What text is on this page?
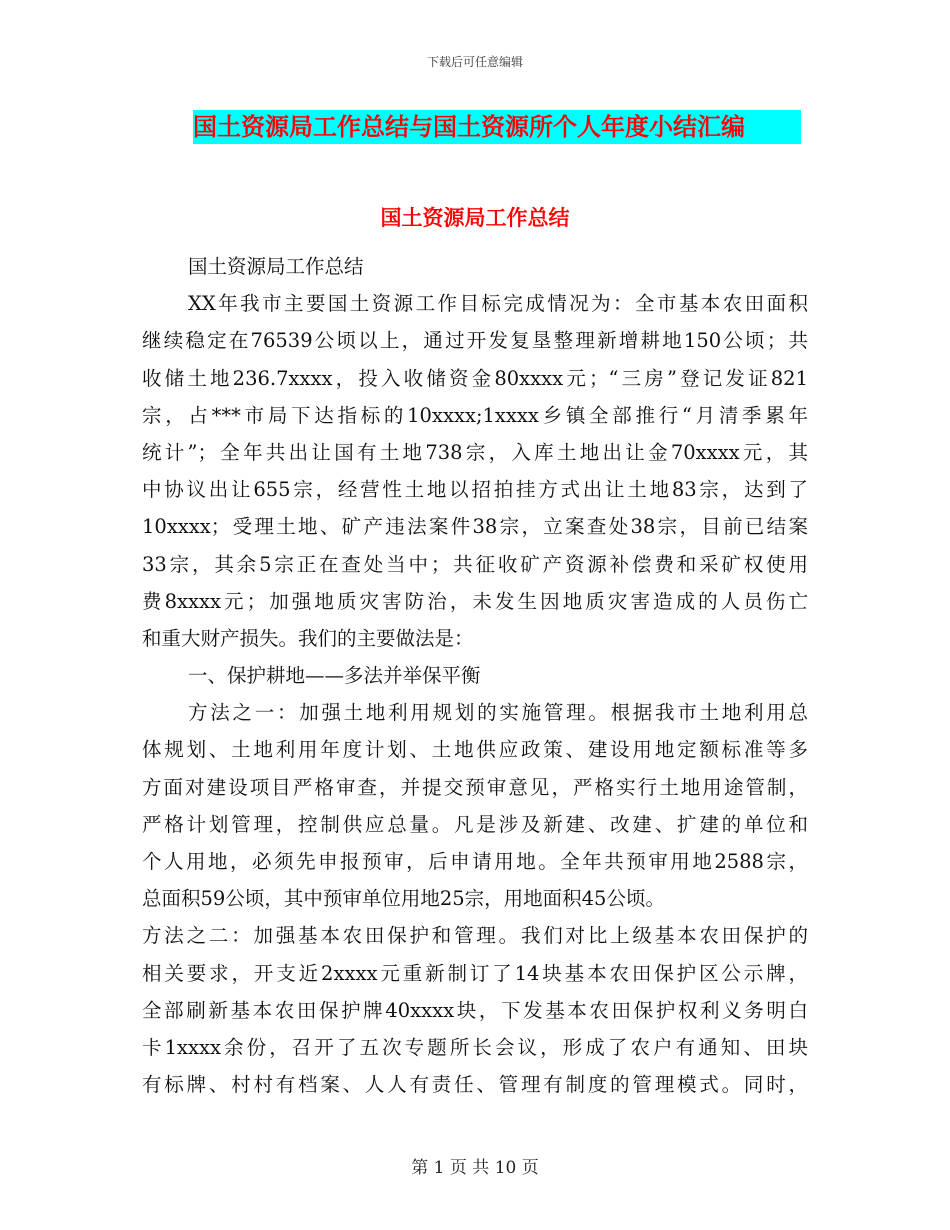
下载后可任意编辑
国土资源局工作总结与国土资源所个人年度小结汇编
国土资源局工作总结
国土资源局工作总结
XX年我市主要国土资源工作目标完成情况为：全市基本农田面积
继续稳定在76539公顷以上，通过开发复垦整理新增耕地150公顷；共
收储土地236.7xxxx，投入收储资金80xxxx元；“三房”登记发证821
宗，占***市局下达指标的10xxxx;1xxxx乡镇全部推行“月清季累年
统计”；全年共出让国有土地738宗，入库土地出让金70xxxx元，其
中协议出让655宗，经营性土地以招拍挂方式出让土地83宗，达到了
10xxxx；受理土地、矿产违法案件38宗，立案查处38宗，目前已结案
33宗，其余5宗正在查处当中；共征收矿产资源补偿费和采矿权使用
费8xxxx元；加强地质灾害防治，未发生因地质灾害造成的人员伤亡
和重大财产损失。我们的主要做法是：
一、保护耕地——多法并举保平衡
方法之一：加强土地利用规划的实施管理。根据我市土地利用总
体规划、土地利用年度计划、土地供应政策、建设用地定额标准等多
方面对建设项目严格审查，并提交预审意见，严格实行土地用途管制，
严格计划管理，控制供应总量。凡是涉及新建、改建、扩建的单位和
个人用地，必须先申报预审，后申请用地。全年共预审用地2588宗，
总面积59公顷，其中预审单位用地25宗，用地面积45公顷。
方法之二：加强基本农田保护和管理。我们对比上级基本农田保护的
相关要求，开支近2xxxx元重新制订了14块基本农田保护区公示牌，
全部刷新基本农田保护牌40xxxx块，下发基本农田保护权利义务明白
卡1xxxx余份，召开了五次专题所长会议，形成了农户有通知、田块
有标牌、村村有档案、人人有责任、管理有制度的管理模式。同时，
第 1 页 共 10 页
